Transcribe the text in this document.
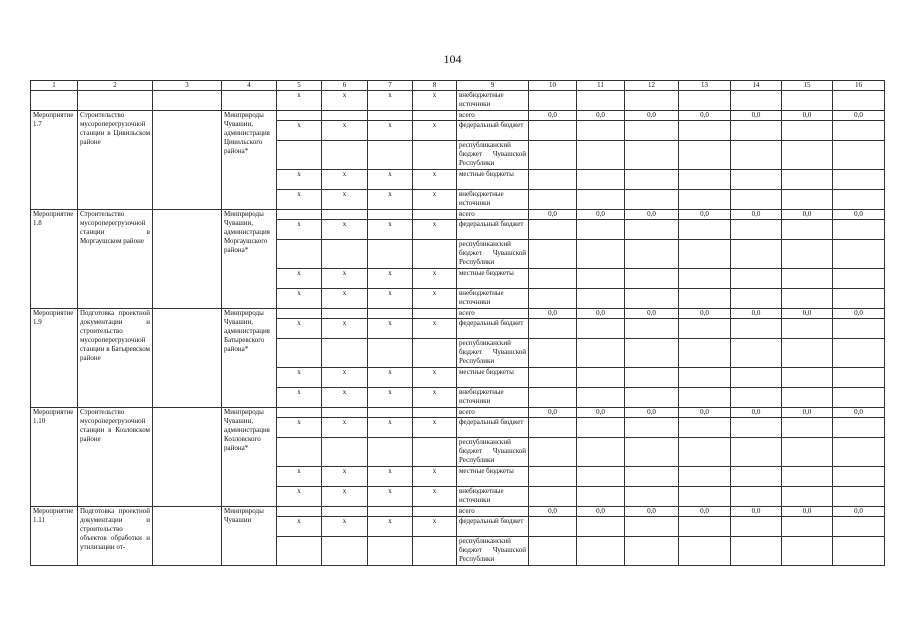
104
1	2	3	4	5	6	7	8	9	10	11	12	13	14	15	16
				x	x	x	x	внебюджетные источники							
Мероприятие 1.7	Строительство мусороперегрузочной станции в Цивильском районе		Минприроды Чувашии, администрация Цивильского района*					всего	0,0	0,0	0,0	0,0	0,0	0,0	0,0
				x	x	x	x	федеральный бюджет							
								республиканский бюджет Чувашской Республики							
				x	x	x	x	местные бюджеты							
				x	x	x	x	внебюджетные источники							
Мероприятие 1.8	Строительство мусороперегрузочной станции в Моргаушском районе		Минприроды Чувашии, администрация Моргаушского района*					всего	0,0	0,0	0,0	0,0	0,0	0,0	0,0
				x	x	x	x	федеральный бюджет							
								республиканский бюджет Чувашской Республики							
				x	x	x	x	местные бюджеты							
				x	x	x	x	внебюджетные источники							
Мероприятие 1.9	Подготовка проектной документации и строительство мусороперегрузочной станции в Батыревском районе		Минприроды Чувашии, администрация Батыревского района*					всего	0,0	0,0	0,0	0,0	0,0	0,0	0,0
				x	x	x	x	федеральный бюджет							
								республиканский бюджет Чувашской Республики							
				x	x	x	x	местные бюджеты							
				x	x	x	x	внебюджетные источники							
Мероприятие 1.10	Строительство мусороперегрузочной станции в Козловском районе		Минприроды Чувашии, администрация Козловского района*					всего	0,0	0,0	0,0	0,0	0,0	0,0	0,0
				x	x	x	x	федеральный бюджет							
								республиканский бюджет Чувашской Республики							
				x	x	x	x	местные бюджеты							
				x	x	x	x	внебюджетные источники							
Мероприятие 1.11	Подготовка проектной документации и строительство объектов обработки и утилизации от-		Минприроды Чувашии					всего	0,0	0,0	0,0	0,0	0,0	0,0	0,0
				x	x	x	x	федеральный бюджет							
								республиканский бюджет Чувашской Республики							
